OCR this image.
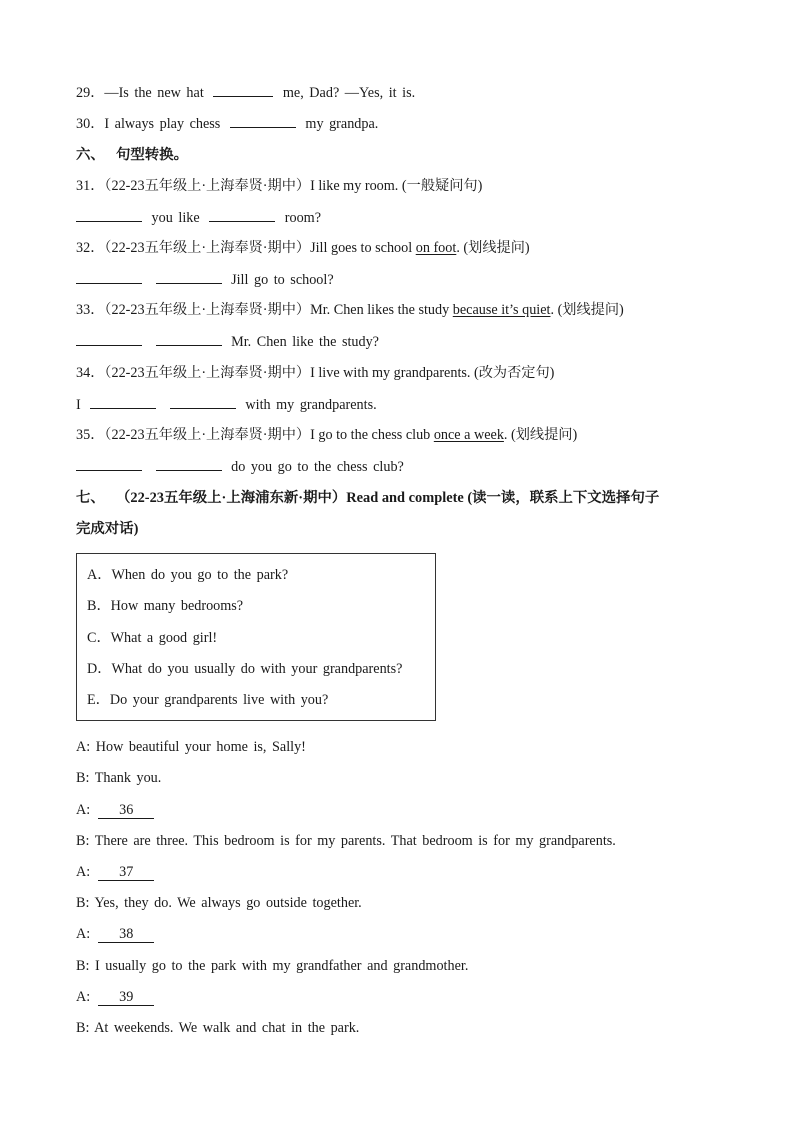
29．—Is the new hat	me, Dad? —Yes, it is.
30．I always play chess	my grandpa.
六、 句型转换。
31．（22-23五年级上·上海奉贤·期中）I like my room. (一般疑问句)
you like	room?
32．（22-23五年级上·上海奉贤·期中）Jill goes to school on foot. (划线提问)
Jill go to school?
33．（22-23五年级上·上海奉贤·期中）Mr. Chen likes the study because it’s quiet. (划线提问)
Mr. Chen like the study?
34．（22-23五年级上·上海奉贤·期中）I live with my grandparents. (改为否定句)
I	with my grandparents.
35．（22-23五年级上·上海奉贤·期中）I go to the chess club once a week. (划线提问)
do you go to the chess club?
七、 （22-23五年级上·上海浦东新·期中）Read and complete (读一读，联系上下文选择句子
完成对话)
A．When do you go to the park?
B．How many bedrooms?
C．What a good girl!
D．What do you usually do with your grandparents?
E．Do your grandparents live with you?
A: How beautiful your home is, Sally!
B: Thank you.
A: 36
B: There are three. This bedroom is for my parents. That bedroom is for my grandparents.
A: 37
B: Yes, they do. We always go outside together.
A: 38
B: I usually go to the park with my grandfather and grandmother.
A: 39
B: At weekends. We walk and chat in the park.
